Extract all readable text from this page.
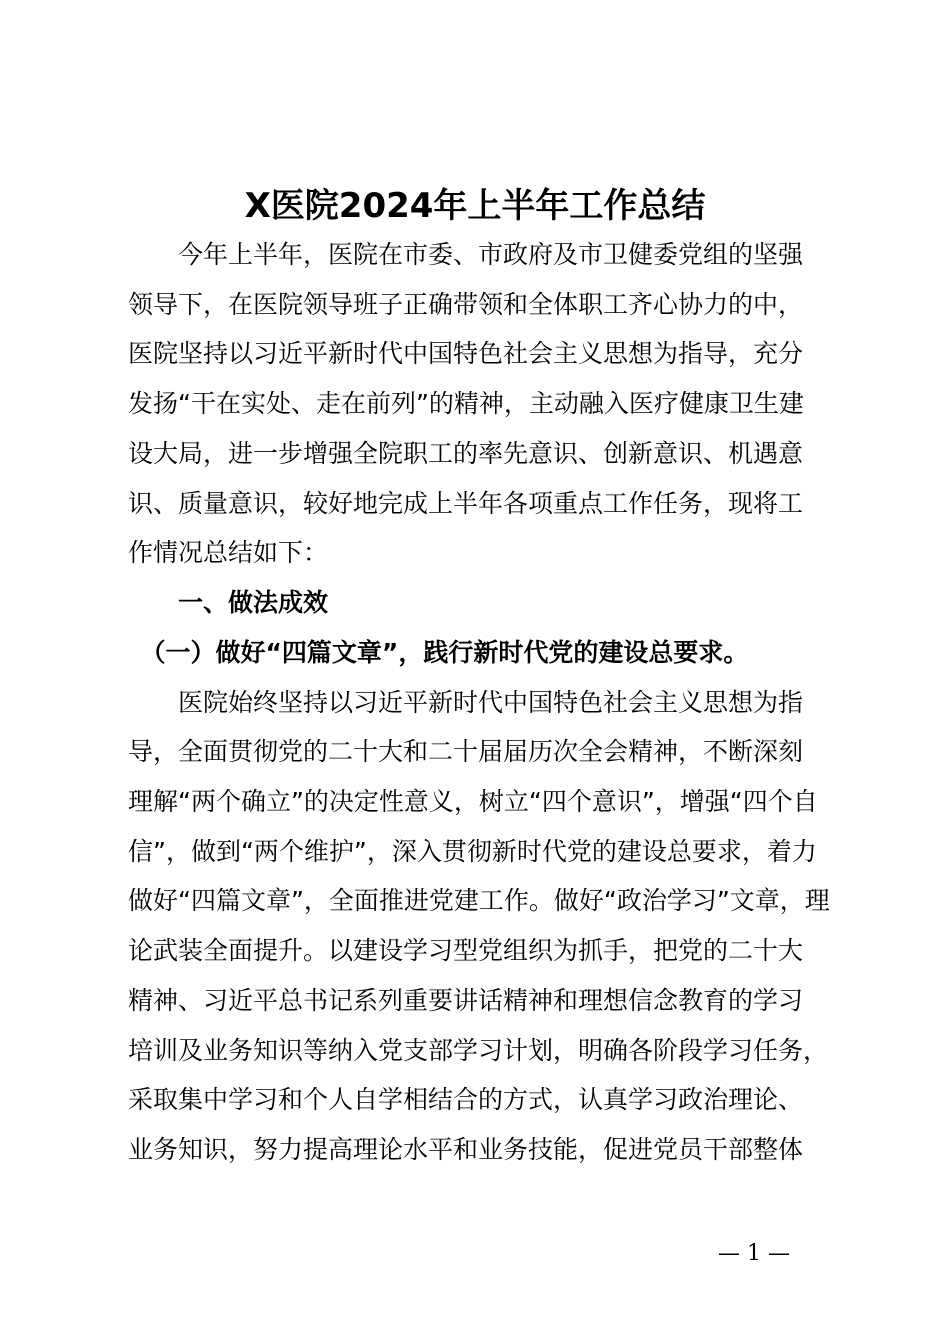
X医院2024年上半年工作总结
　　今年上半年，医院在市委、市政府及市卫健委党组的坚强
领导下，在医院领导班子正确带领和全体职工齐心协力的中，
医院坚持以习近平新时代中国特色社会主义思想为指导，充分
发扬“干在实处、走在前列”的精神，主动融入医疗健康卫生建
设大局，进一步增强全院职工的率先意识、创新意识、机遇意
识、质量意识，较好地完成上半年各项重点工作任务，现将工
作情况总结如下：
　　一、做法成效
　（一）做好“四篇文章”，践行新时代党的建设总要求。
　　医院始终坚持以习近平新时代中国特色社会主义思想为指
导，全面贯彻党的二十大和二十届届历次全会精神，不断深刻
理解“两个确立”的决定性意义，树立“四个意识”，增强“四个自
信”，做到“两个维护”，深入贯彻新时代党的建设总要求，着力
做好“四篇文章”，全面推进党建工作。做好“政治学习”文章，理
论武装全面提升。以建设学习型党组织为抓手，把党的二十大
精神、习近平总书记系列重要讲话精神和理想信念教育的学习
培训及业务知识等纳入党支部学习计划，明确各阶段学习任务，
采取集中学习和个人自学相结合的方式，认真学习政治理论、
业务知识，努力提高理论水平和业务技能，促进党员干部整体
— 1 —
